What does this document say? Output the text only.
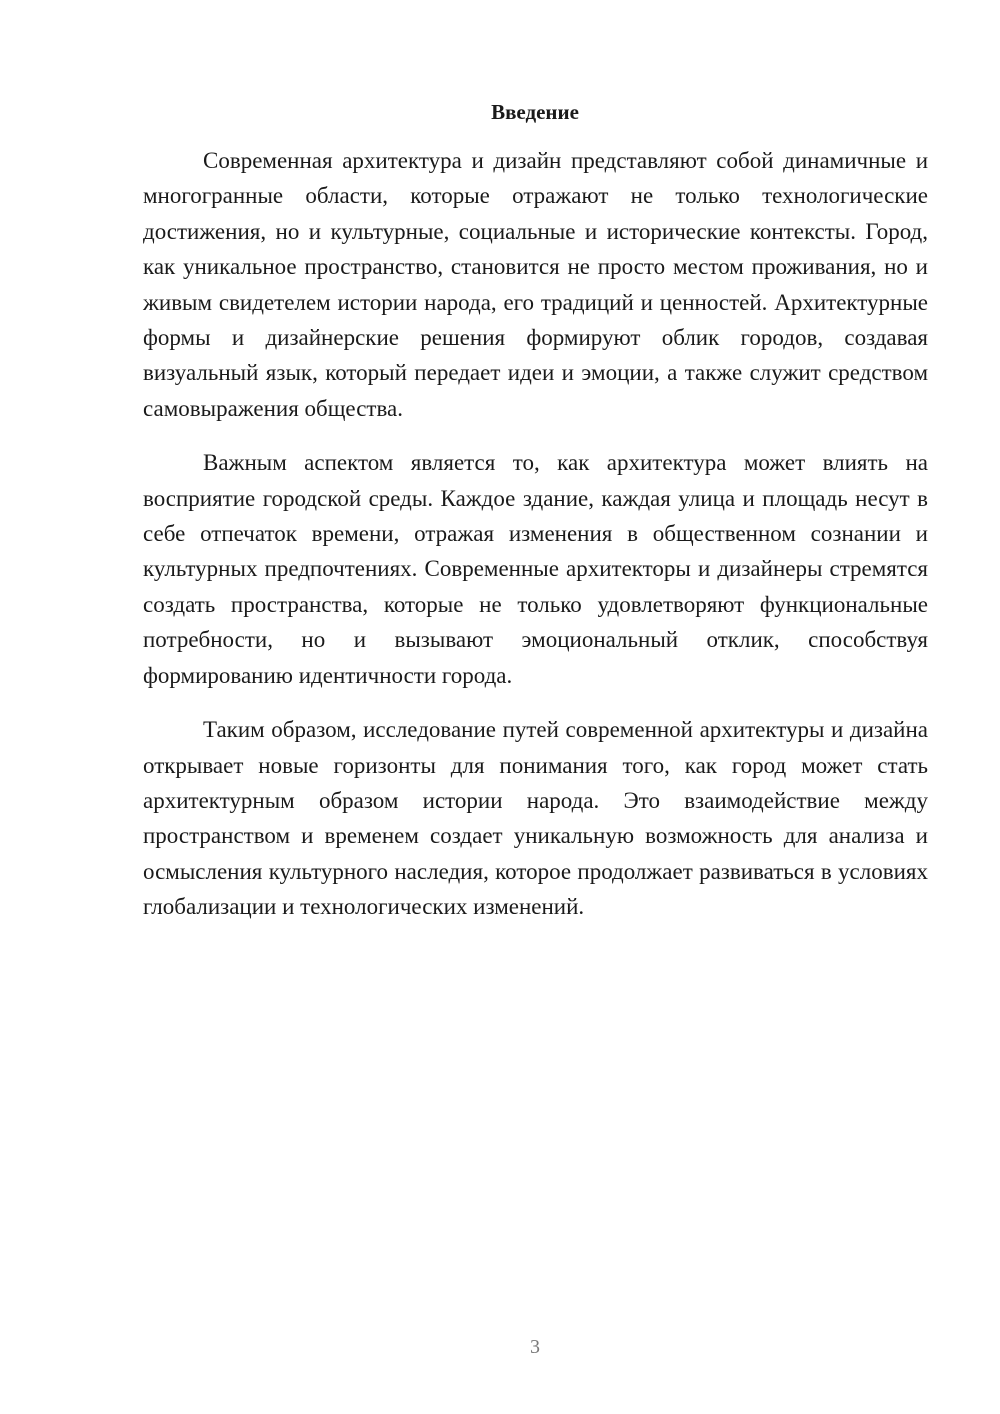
Введение

Современная архитектура и дизайн представляют собой динамичные и многогранные области, которые отражают не только технологические достижения, но и культурные, социальные и исторические контексты. Город, как уникальное пространство, становится не просто местом проживания, но и живым свидетелем истории народа, его традиций и ценностей. Архитектурные формы и дизайнерские решения формируют облик городов, создавая визуальный язык, который передает идеи и эмоции, а также служит средством самовыражения общества.

Важным аспектом является то, как архитектура может влиять на восприятие городской среды. Каждое здание, каждая улица и площадь несут в себе отпечаток времени, отражая изменения в общественном сознании и культурных предпочтениях. Современные архитекторы и дизайнеры стремятся создать пространства, которые не только удовлетворяют функциональные потребности, но и вызывают эмоциональный отклик, способствуя формированию идентичности города.

Таким образом, исследование путей современной архитектуры и дизайна открывает новые горизонты для понимания того, как город может стать архитектурным образом истории народа. Это взаимодействие между пространством и временем создает уникальную возможность для анализа и осмысления культурного наследия, которое продолжает развиваться в условиях глобализации и технологических изменений.

3
